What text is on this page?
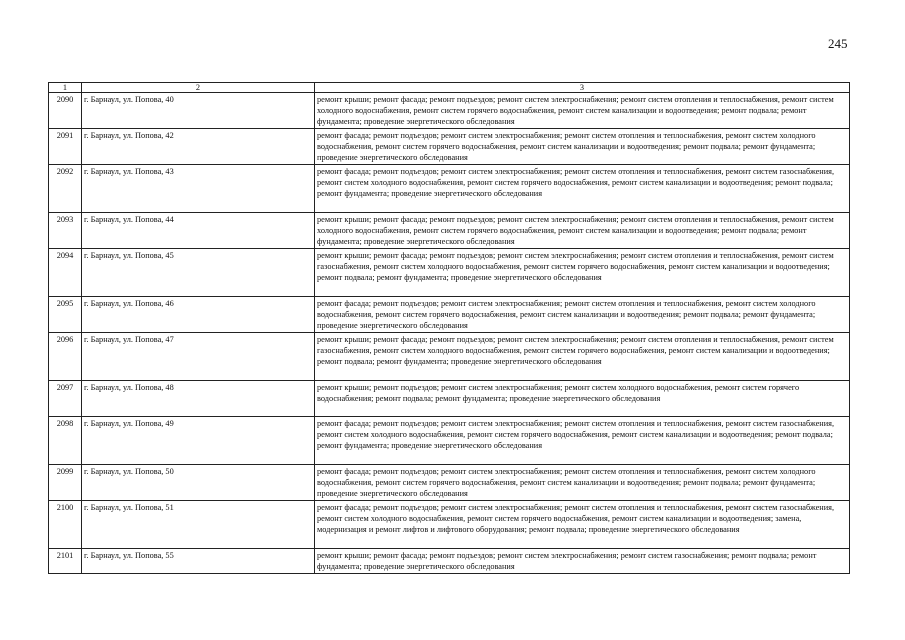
245
1	2	3
2090	г. Барнаул, ул. Попова, 40	ремонт крыши; ремонт фасада; ремонт подъездов; ремонт систем электроснабжения; ремонт систем отопления и теплоснабжения, ремонт систем холодного водоснабжения, ремонт систем горячего водоснабжения, ремонт систем канализации и водоотведения; ремонт подвала; ремонт фундамента; проведение энергетического обследования
2091	г. Барнаул, ул. Попова, 42	ремонт фасада; ремонт подъездов; ремонт систем электроснабжения; ремонт систем отопления и теплоснабжения, ремонт систем холодного водоснабжения, ремонт систем горячего водоснабжения, ремонт систем канализации и водоотведения; ремонт подвала; ремонт фундамента; проведение энергетического обследования
2092	г. Барнаул, ул. Попова, 43	ремонт фасада; ремонт подъездов; ремонт систем электроснабжения; ремонт систем отопления и теплоснабжения, ремонт систем газоснабжения, ремонт систем холодного водоснабжения, ремонт систем горячего водоснабжения, ремонт систем канализации и водоотведения; ремонт подвала; ремонт фундамента; проведение энергетического обследования
2093	г. Барнаул, ул. Попова, 44	ремонт крыши; ремонт фасада; ремонт подъездов; ремонт систем электроснабжения; ремонт систем отопления и теплоснабжения, ремонт систем холодного водоснабжения, ремонт систем горячего водоснабжения, ремонт систем канализации и водоотведения; ремонт подвала; ремонт фундамента; проведение энергетического обследования
2094	г. Барнаул, ул. Попова, 45	ремонт крыши; ремонт фасада; ремонт подъездов; ремонт систем электроснабжения; ремонт систем отопления и теплоснабжения, ремонт систем газоснабжения, ремонт систем холодного водоснабжения, ремонт систем горячего водоснабжения, ремонт систем канализации и водоотведения; ремонт подвала; ремонт фундамента; проведение энергетического обследования
2095	г. Барнаул, ул. Попова, 46	ремонт фасада; ремонт подъездов; ремонт систем электроснабжения; ремонт систем отопления и теплоснабжения, ремонт систем холодного водоснабжения, ремонт систем горячего водоснабжения, ремонт систем канализации и водоотведения; ремонт подвала; ремонт фундамента; проведение энергетического обследования
2096	г. Барнаул, ул. Попова, 47	ремонт крыши; ремонт фасада; ремонт подъездов; ремонт систем электроснабжения; ремонт систем отопления и теплоснабжения, ремонт систем газоснабжения, ремонт систем холодного водоснабжения, ремонт систем горячего водоснабжения, ремонт систем канализации и водоотведения; ремонт подвала; ремонт фундамента; проведение энергетического обследования
2097	г. Барнаул, ул. Попова, 48	ремонт крыши; ремонт подъездов; ремонт систем электроснабжения; ремонт систем холодного водоснабжения, ремонт систем горячего водоснабжения; ремонт подвала; ремонт фундамента; проведение энергетического обследования
2098	г. Барнаул, ул. Попова, 49	ремонт фасада; ремонт подъездов; ремонт систем электроснабжения; ремонт систем отопления и теплоснабжения, ремонт систем газоснабжения, ремонт систем холодного водоснабжения, ремонт систем горячего водоснабжения, ремонт систем канализации и водоотведения; ремонт подвала; ремонт фундамента; проведение энергетического обследования
2099	г. Барнаул, ул. Попова, 50	ремонт фасада; ремонт подъездов; ремонт систем электроснабжения; ремонт систем отопления и теплоснабжения, ремонт систем холодного водоснабжения, ремонт систем горячего водоснабжения, ремонт систем канализации и водоотведения; ремонт подвала; ремонт фундамента; проведение энергетического обследования
2100	г. Барнаул, ул. Попова, 51	ремонт фасада; ремонт подъездов; ремонт систем электроснабжения; ремонт систем отопления и теплоснабжения, ремонт систем газоснабжения, ремонт систем холодного водоснабжения, ремонт систем горячего водоснабжения, ремонт систем канализации и водоотведения; замена, модернизация и ремонт лифтов и лифтового оборудования; ремонт подвала; проведение энергетического обследования
2101	г. Барнаул, ул. Попова, 55	ремонт крыши; ремонт фасада; ремонт подъездов; ремонт систем электроснабжения; ремонт систем газоснабжения; ремонт подвала; ремонт фундамента; проведение энергетического обследования
